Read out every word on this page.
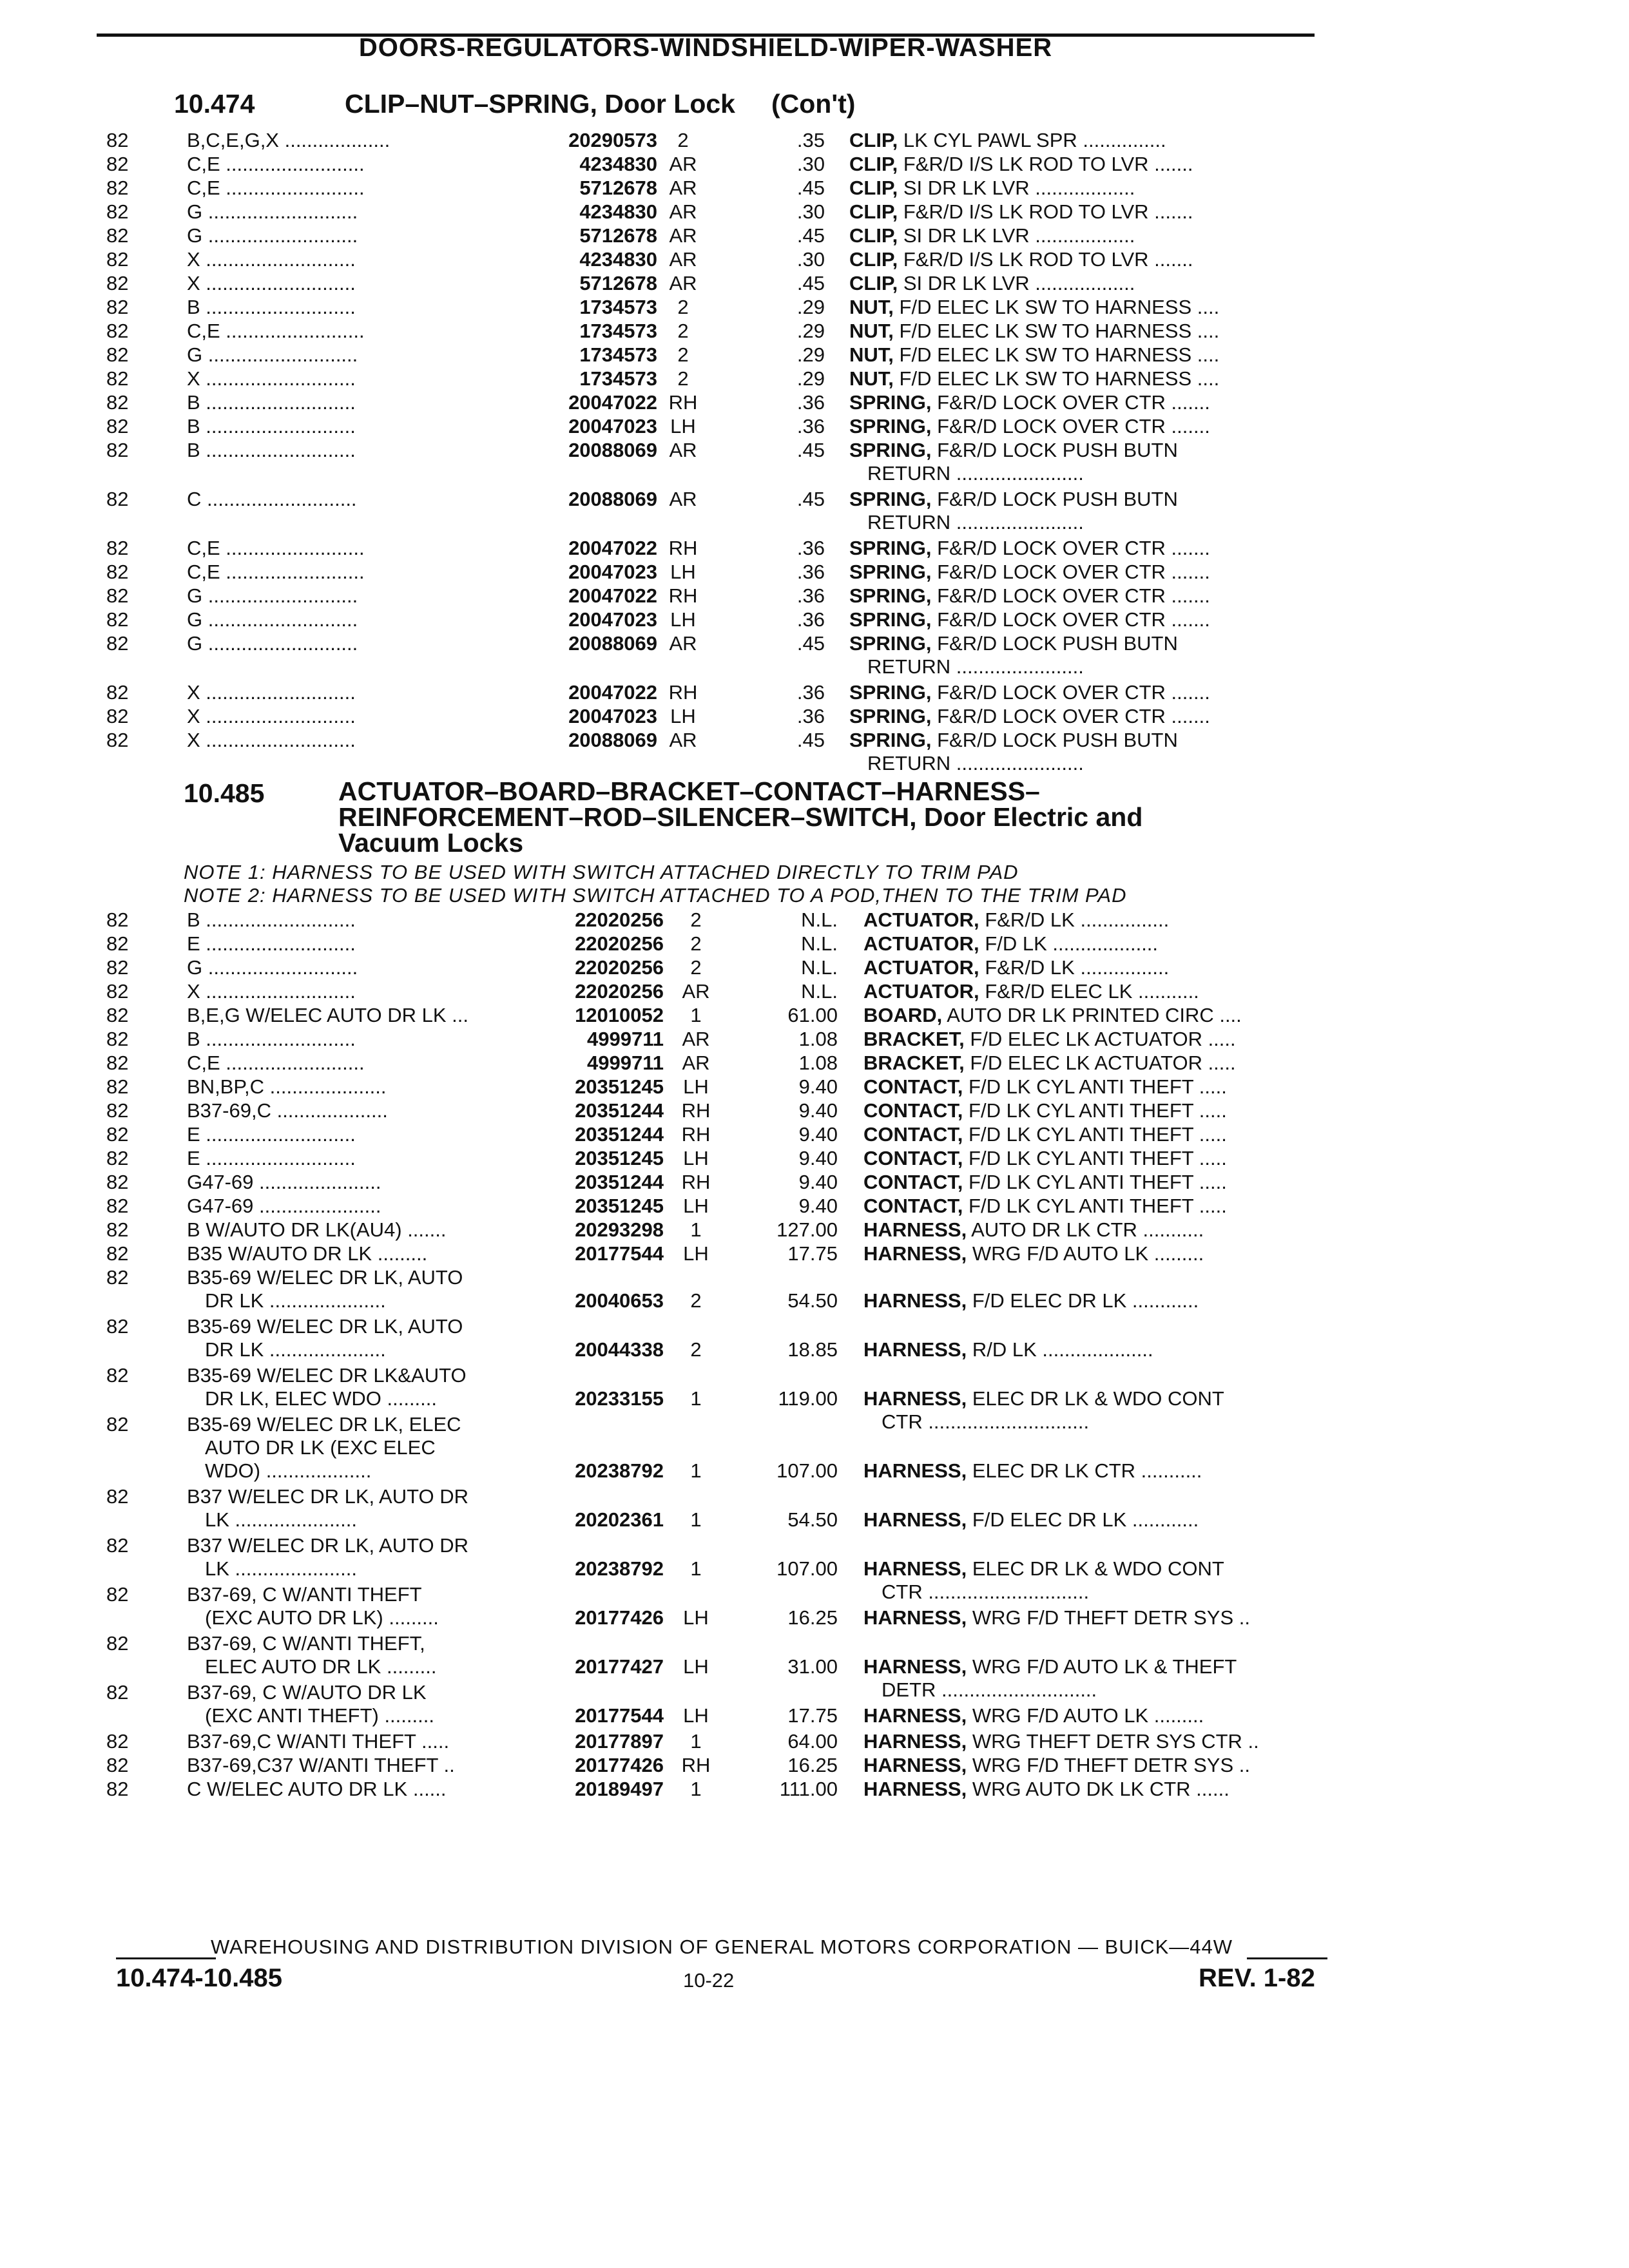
DOORS-REGULATORS-WINDSHIELD-WIPER-WASHER
10.474	CLIP–NUT–SPRING, Door Lock (Con't)
82	B,C,E,G,X ...................	20290573	2	.35 CLIP, LK CYL PAWL SPR ...............
82	C,E .........................	4234830 AR	.30 CLIP, F&R/D I/S LK ROD TO LVR .......
82	C,E .........................	5712678 AR	.45 CLIP, SI DR LK LVR ..................
82	G ...........................	4234830 AR	.30 CLIP, F&R/D I/S LK ROD TO LVR .......
82	G ...........................	5712678 AR	.45 CLIP, SI DR LK LVR ..................
82	X ...........................	4234830 AR	.30 CLIP, F&R/D I/S LK ROD TO LVR .......
82	X ...........................	5712678 AR	.45 CLIP, SI DR LK LVR ..................
82	B ...........................	1734573	2	.29 NUT, F/D ELEC LK SW TO HARNESS ....
82	C,E .........................	1734573	2	.29 NUT, F/D ELEC LK SW TO HARNESS ....
82	G ...........................	1734573	2	.29 NUT, F/D ELEC LK SW TO HARNESS ....
82	X ...........................	1734573	2	.29 NUT, F/D ELEC LK SW TO HARNESS ....
82	B ...........................	20047022 RH	.36 SPRING, F&R/D LOCK OVER CTR .......
82	B ...........................	20047023 LH	.36 SPRING, F&R/D LOCK OVER CTR .......
82	B ...........................	20088069 AR	.45 SPRING, F&R/D LOCK PUSH BUTN
RETURN .......................
82	C ...........................	20088069 AR	.45 SPRING, F&R/D LOCK PUSH BUTN
RETURN .......................
82	C,E .........................	20047022 RH	.36 SPRING, F&R/D LOCK OVER CTR .......
82	C,E .........................	20047023 LH	.36 SPRING, F&R/D LOCK OVER CTR .......
82	G ...........................	20047022 RH	.36 SPRING, F&R/D LOCK OVER CTR .......
82	G ...........................	20047023 LH	.36 SPRING, F&R/D LOCK OVER CTR .......
82	G ...........................	20088069 AR	.45 SPRING, F&R/D LOCK PUSH BUTN
RETURN .......................
82	X ...........................	20047022 RH	.36 SPRING, F&R/D LOCK OVER CTR .......
82	X ...........................	20047023 LH	.36 SPRING, F&R/D LOCK OVER CTR .......
82	X ...........................	20088069 AR	.45 SPRING, F&R/D LOCK PUSH BUTN
RETURN .......................
10.485	ACTUATOR–BOARD–BRACKET–CONTACT–HARNESS–
REINFORCEMENT–ROD–SILENCER–SWITCH, Door Electric and
Vacuum Locks
NOTE 1: HARNESS TO BE USED WITH SWITCH ATTACHED DIRECTLY TO TRIM PAD
NOTE 2: HARNESS TO BE USED WITH SWITCH ATTACHED TO A POD,THEN TO THE TRIM PAD
82	B ...........................	22020256	2	N.L. ACTUATOR, F&R/D LK ................
82	E ...........................	22020256	2	N.L. ACTUATOR, F/D LK ...................
82	G ...........................	22020256	2	N.L. ACTUATOR, F&R/D LK ................
82	X ...........................	22020256 AR	N.L. ACTUATOR, F&R/D ELEC LK ...........
82	B,E,G W/ELEC AUTO DR LK ...	12010052	1	61.00 BOARD, AUTO DR LK PRINTED CIRC ....
82	B ...........................	4999711 AR	1.08 BRACKET, F/D ELEC LK ACTUATOR .....
82	C,E .........................	4999711 AR	1.08 BRACKET, F/D ELEC LK ACTUATOR .....
82	BN,BP,C .....................	20351245 LH	9.40 CONTACT, F/D LK CYL ANTI THEFT .....
82	B37-69,C ....................	20351244 RH	9.40 CONTACT, F/D LK CYL ANTI THEFT .....
82	E ...........................	20351244 RH	9.40 CONTACT, F/D LK CYL ANTI THEFT .....
82	E ...........................	20351245 LH	9.40 CONTACT, F/D LK CYL ANTI THEFT .....
82	G47-69 ......................	20351244 RH	9.40 CONTACT, F/D LK CYL ANTI THEFT .....
82	G47-69 ......................	20351245 LH	9.40 CONTACT, F/D LK CYL ANTI THEFT .....
82	B W/AUTO DR LK(AU4) .......	20293298	1	127.00 HARNESS, AUTO DR LK CTR ...........
82	B35 W/AUTO DR LK .........	20177544 LH	17.75 HARNESS, WRG F/D AUTO LK .........
82	B35-69 W/ELEC DR LK, AUTO
DR LK .....................	20040653	2	54.50 HARNESS, F/D ELEC DR LK ............
82	B35-69 W/ELEC DR LK, AUTO
DR LK .....................	20044338	2	18.85 HARNESS, R/D LK ....................
82	B35-69 W/ELEC DR LK&AUTO
DR LK, ELEC WDO .........	20233155	1	119.00 HARNESS, ELEC DR LK & WDO CONT
CTR .............................
82	B35-69 W/ELEC DR LK, ELEC
AUTO DR LK (EXC ELEC
WDO) ...................	20238792	1	107.00 HARNESS, ELEC DR LK CTR ...........
82	B37 W/ELEC DR LK, AUTO DR
LK ......................	20202361	1	54.50 HARNESS, F/D ELEC DR LK ............
82	B37 W/ELEC DR LK, AUTO DR
LK ......................	20238792	1	107.00 HARNESS, ELEC DR LK & WDO CONT
CTR .............................
82	B37-69, C W/ANTI THEFT
(EXC AUTO DR LK) .........	20177426 LH	16.25 HARNESS, WRG F/D THEFT DETR SYS ..
82	B37-69, C W/ANTI THEFT,
ELEC AUTO DR LK .........	20177427 LH	31.00 HARNESS, WRG F/D AUTO LK & THEFT
DETR ............................
82	B37-69, C W/AUTO DR LK
(EXC ANTI THEFT) .........	20177544 LH	17.75 HARNESS, WRG F/D AUTO LK .........
82	B37-69,C W/ANTI THEFT .....	20177897	1	64.00 HARNESS, WRG THEFT DETR SYS CTR ..
82	B37-69,C37 W/ANTI THEFT ..	20177426 RH	16.25 HARNESS, WRG F/D THEFT DETR SYS ..
82	C W/ELEC AUTO DR LK ......	20189497	1	111.00 HARNESS, WRG AUTO DK LK CTR ......
WAREHOUSING AND DISTRIBUTION DIVISION OF GENERAL MOTORS CORPORATION — BUICK—44W
10.474-10.485	10-22	REV. 1-82
